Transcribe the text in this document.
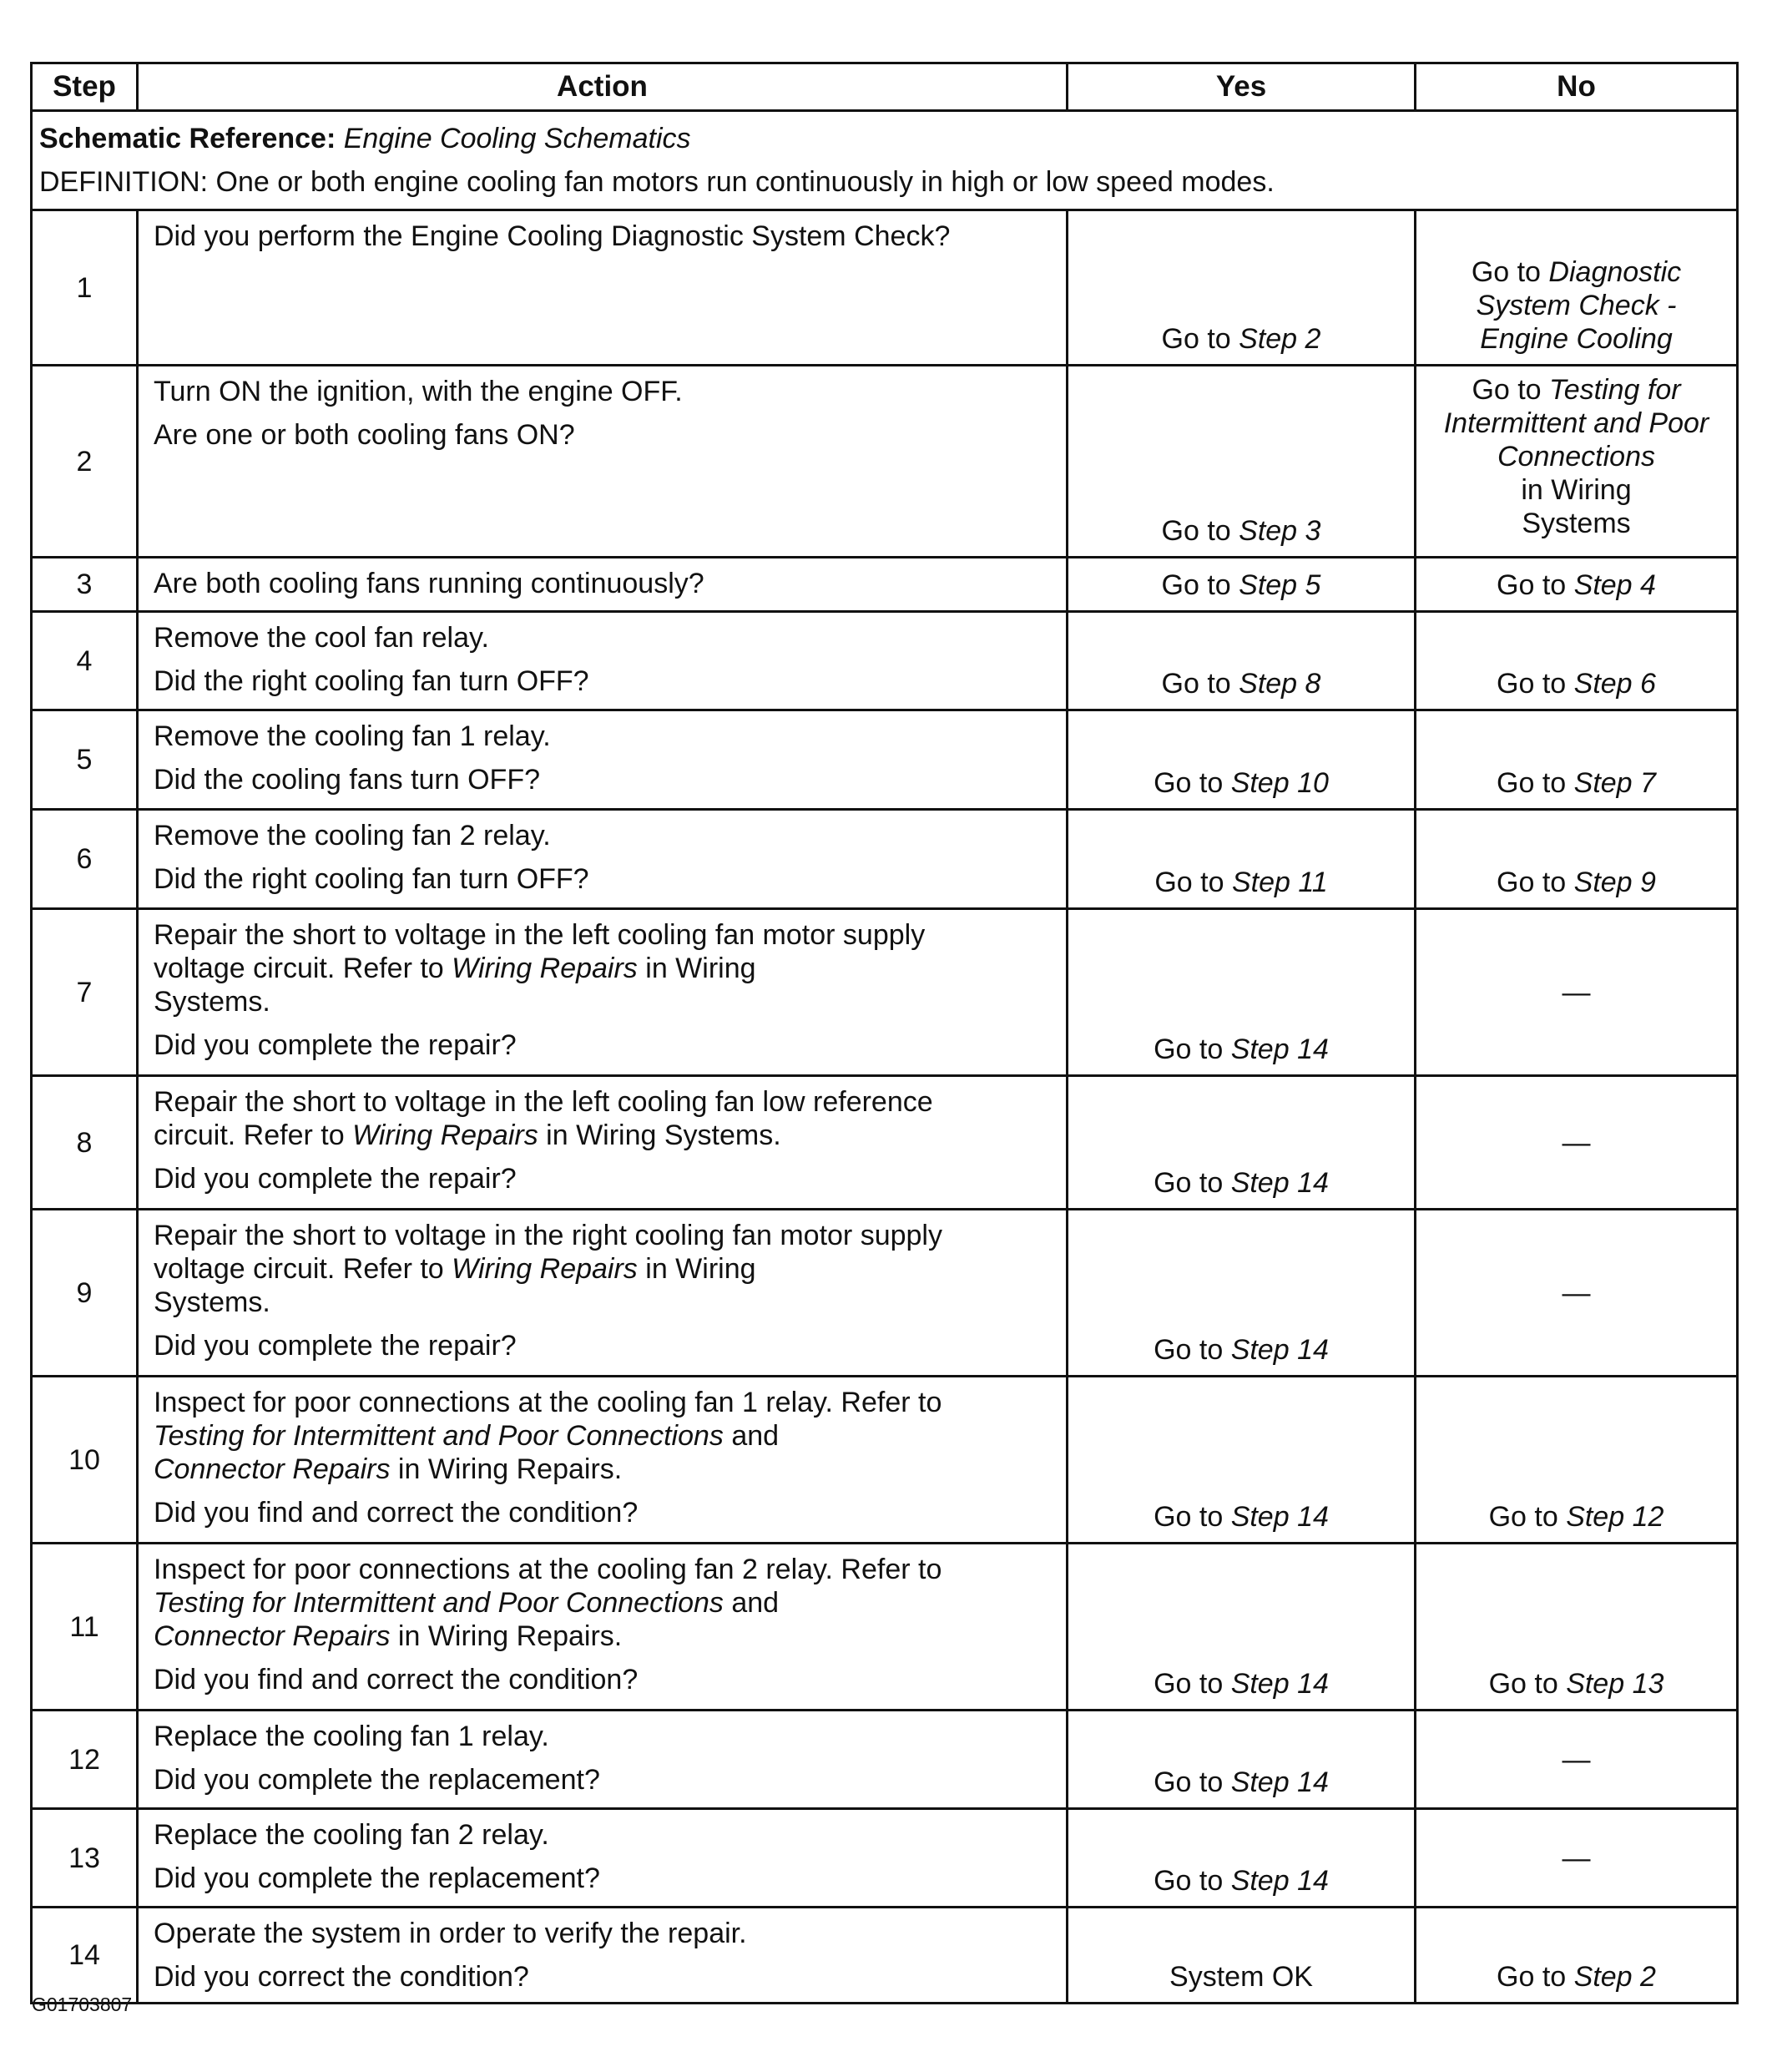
Step	Action	Yes	No

Schematic Reference: Engine Cooling Schematics
DEFINITION: One or both engine cooling fan motors run continuously in high or low speed modes.			

1	Did you perform the Engine Cooling Diagnostic System Check?	Go to Step 2	Go to Diagnostic
System Check -
Engine Cooling

2	Turn ON the ignition, with the engine OFF.
Are one or both cooling fans ON?	Go to Step 3	Go to Testing for
Intermittent and Poor
Connections
in Wiring
Systems

3	Are both cooling fans running continuously?	Go to Step 5	Go to Step 4

4	Remove the cool fan relay.
Did the right cooling fan turn OFF?	Go to Step 8	Go to Step 6

5	Remove the cooling fan 1 relay.
Did the cooling fans turn OFF?	Go to Step 10	Go to Step 7

6	Remove the cooling fan 2 relay.
Did the right cooling fan turn OFF?	Go to Step 11	Go to Step 9

7	Repair the short to voltage in the left cooling fan motor supply
voltage circuit. Refer to Wiring Repairs in Wiring
Systems.
Did you complete the repair?	Go to Step 14	—

8	Repair the short to voltage in the left cooling fan low reference
circuit. Refer to Wiring Repairs in Wiring Systems.
Did you complete the repair?	Go to Step 14	—

9	Repair the short to voltage in the right cooling fan motor supply
voltage circuit. Refer to Wiring Repairs in Wiring
Systems.
Did you complete the repair?	Go to Step 14	—

10	Inspect for poor connections at the cooling fan 1 relay. Refer to
Testing for Intermittent and Poor Connections and
Connector Repairs in Wiring Repairs.
Did you find and correct the condition?	Go to Step 14	Go to Step 12

11	Inspect for poor connections at the cooling fan 2 relay. Refer to
Testing for Intermittent and Poor Connections and
Connector Repairs in Wiring Repairs.
Did you find and correct the condition?	Go to Step 14	Go to Step 13

12	Replace the cooling fan 1 relay.
Did you complete the replacement?	Go to Step 14	—

13	Replace the cooling fan 2 relay.
Did you complete the replacement?	Go to Step 14	—

14	Operate the system in order to verify the repair.
Did you correct the condition?	System OK	Go to Step 2
G01703807
